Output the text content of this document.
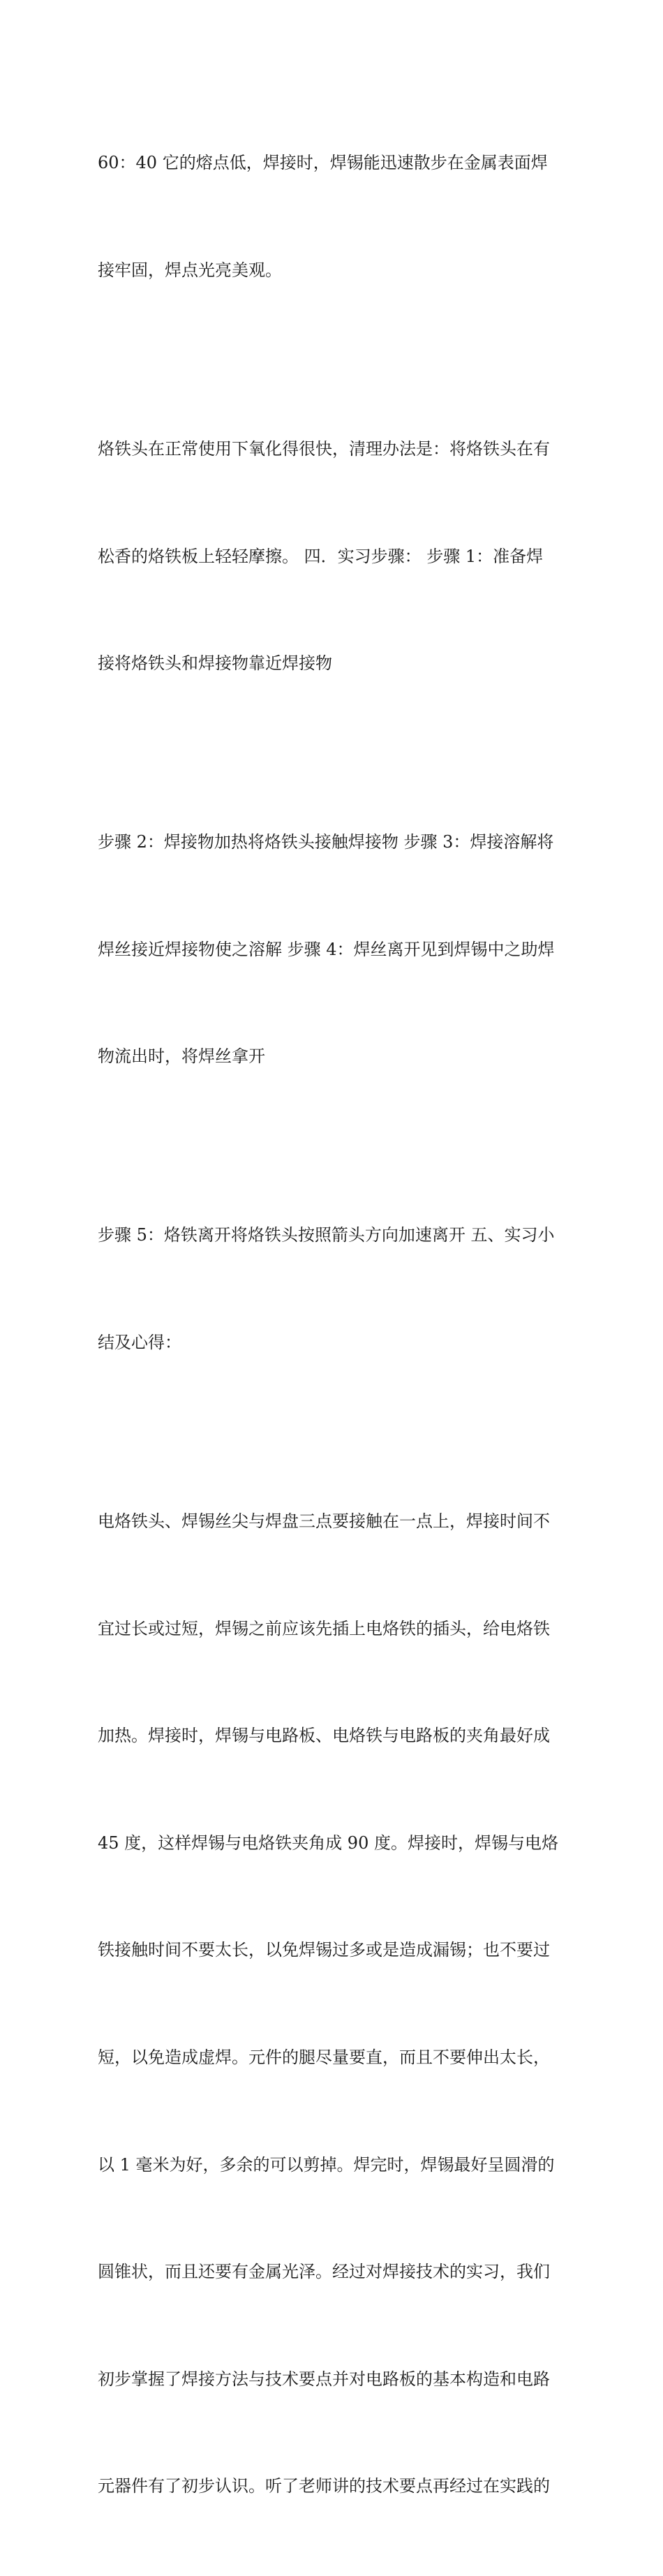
60：40 它的熔点低，焊接时，焊锡能迅速散步在金属表面焊

接牢固，焊点光亮美观。

烙铁头在正常使用下氧化得很快，清理办法是：将烙铁头在有

松香的烙铁板上轻轻摩擦。 四．实习步骤： 步骤 1：准备焊

接将烙铁头和焊接物靠近焊接物

步骤 2：焊接物加热将烙铁头接触焊接物 步骤 3：焊接溶解将

焊丝接近焊接物使之溶解 步骤 4：焊丝离开见到焊锡中之助焊

物流出时，将焊丝拿开

步骤 5：烙铁离开将烙铁头按照箭头方向加速离开 五、实习小

结及心得：

电烙铁头、焊锡丝尖与焊盘三点要接触在一点上，焊接时间不

宜过长或过短，焊锡之前应该先插上电烙铁的插头，给电烙铁

加热。焊接时，焊锡与电路板、电烙铁与电路板的夹角最好成

45 度，这样焊锡与电烙铁夹角成 90 度。焊接时，焊锡与电烙

铁接触时间不要太长，以免焊锡过多或是造成漏锡；也不要过

短，以免造成虚焊。元件的腿尽量要直，而且不要伸出太长，

以 1 毫米为好，多余的可以剪掉。焊完时，焊锡最好呈圆滑的

圆锥状，而且还要有金属光泽。经过对焊接技术的实习，我们

初步掌握了焊接方法与技术要点并对电路板的基本构造和电路

元器件有了初步认识。听了老师讲的技术要点再经过在实践的
